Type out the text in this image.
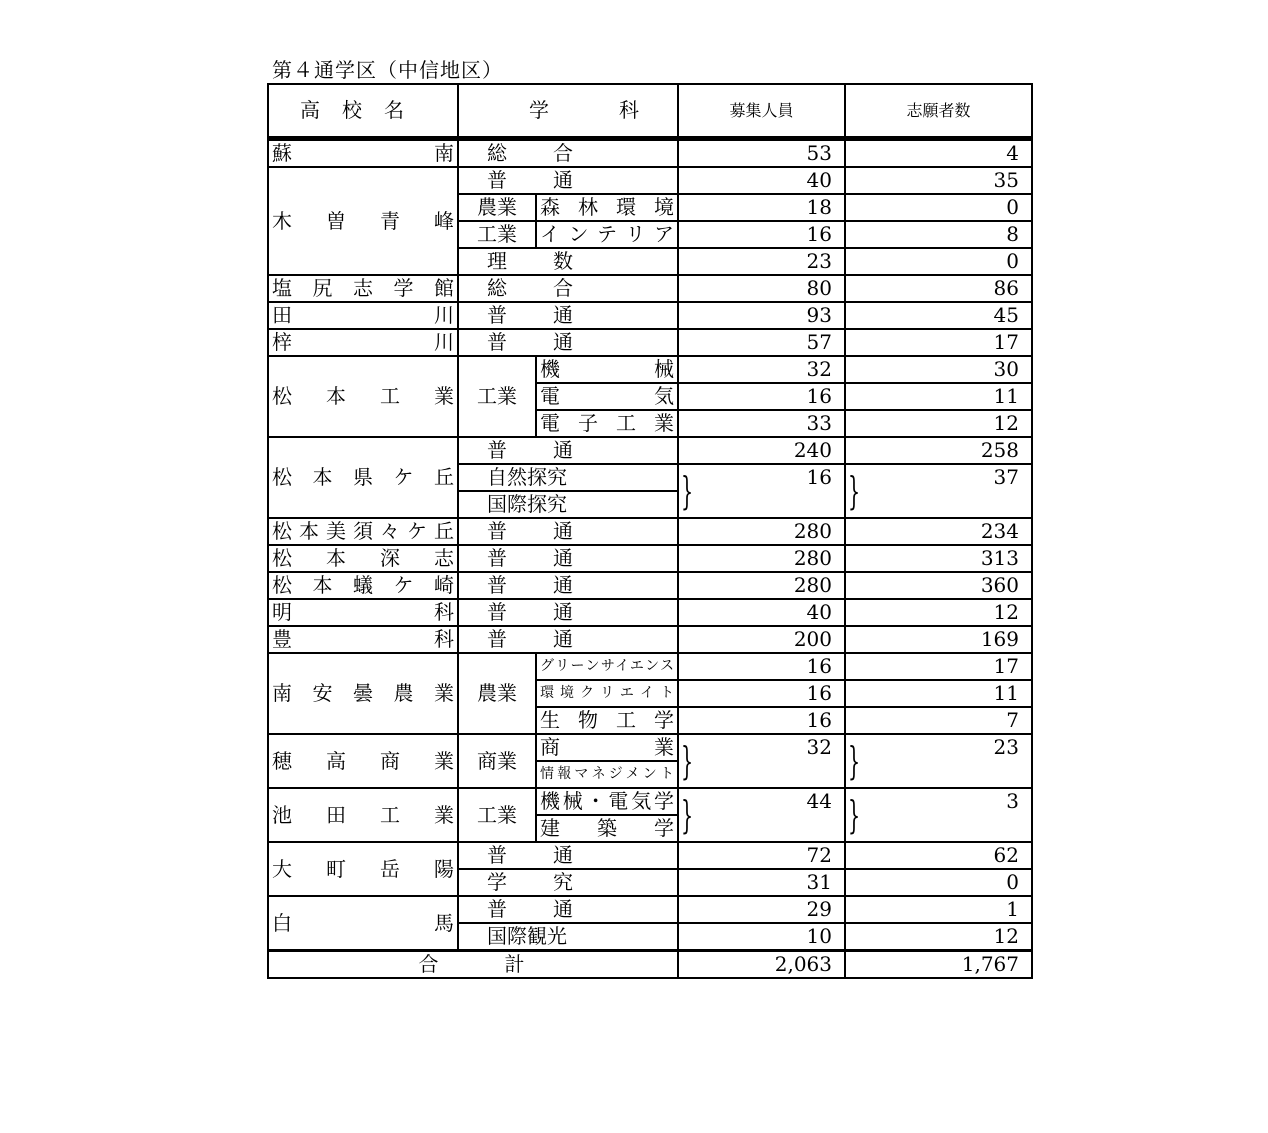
第４通学区（中信地区）
高校名	学科		募集人員	志願者数
蘇南	総合		53	4
木曽青峰	普通		40	35
	農業	森林環境	18	0
	工業	インテリア	16	8
	理数		23	0
塩尻志学館	総合		80	86
田川	普通		93	45
梓川	普通		57	17
松本工業	工業	機械	32	30
		電気	16	11
		電子工業	33	12
松本県ケ丘	普通		240	258
	自然探究		} 16	} 37
	国際探究			
松本美須々ケ丘	普通		280	234
松本深志	普通		280	313
松本蟻ケ崎	普通		280	360
明科	普通		40	12
豊科	普通		200	169
南安曇農業	農業	グリーンサイエンス	16	17
		環境クリエイト	16	11
		生物工学	16	7
穂高商業	商業	商業	} 32	} 23
		情報マネジメント		
池田工業	工業	機械・電気学	} 44	} 3
		建築学		
大町岳陽	普通		72	62
	学究		31	0
白馬	普通		29	1
	国際観光		10	12
合計			2,063	1,767
